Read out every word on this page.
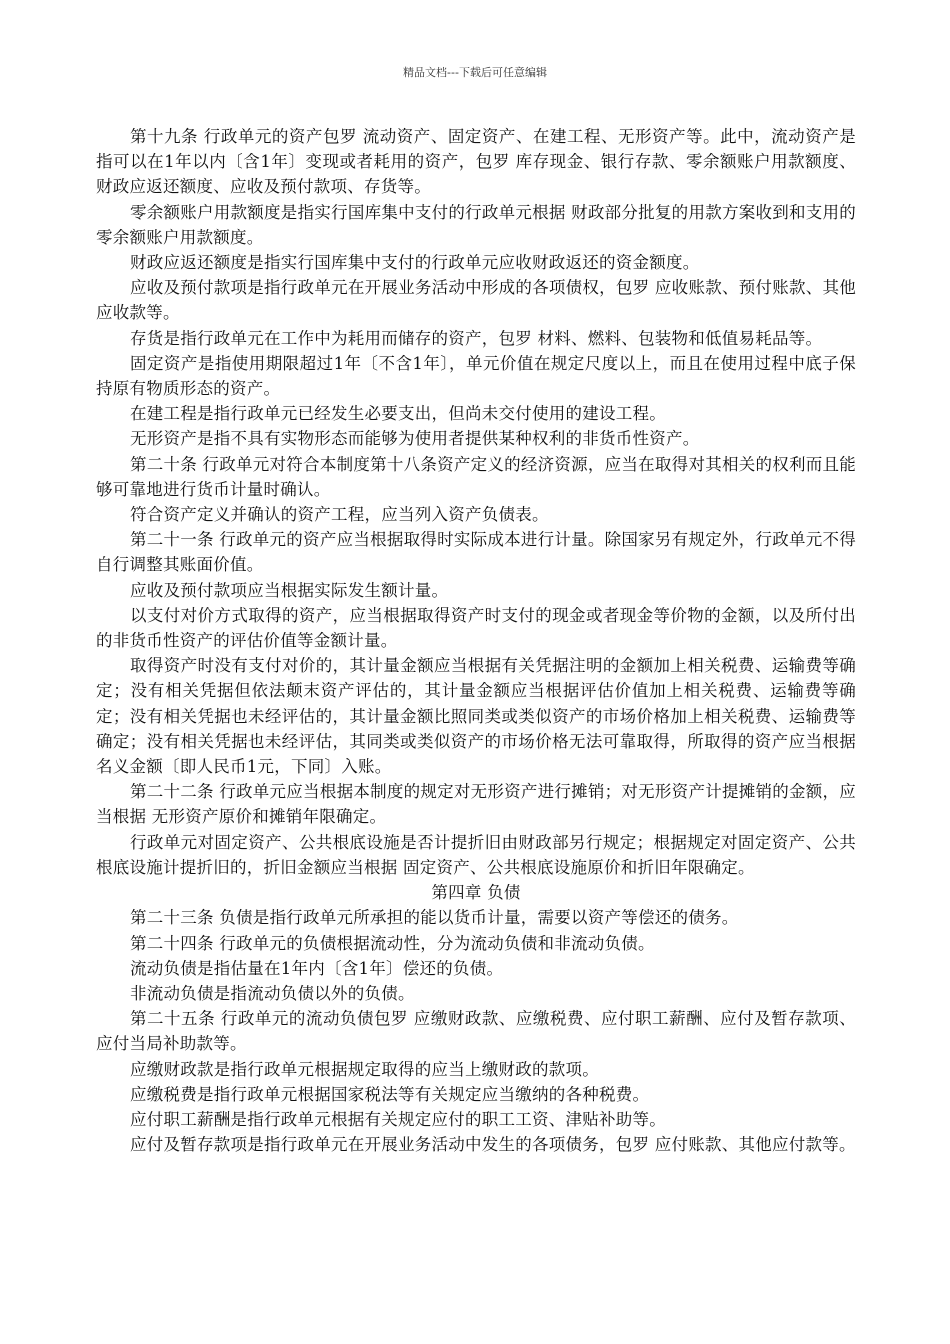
精品文档---下载后可任意编辑

第十九条 行政单元的资产包罗 流动资产、固定资产、在建工程、无形资产等。此中，流动资产是指可以在1年以内〔含1年〕变现或者耗用的资产，包罗 库存现金、银行存款、零余额账户用款额度、财政应返还额度、应收及预付款项、存货等。

零余额账户用款额度是指实行国库集中支付的行政单元根据 财政部分批复的用款方案收到和支用的零余额账户用款额度。

财政应返还额度是指实行国库集中支付的行政单元应收财政返还的资金额度。

应收及预付款项是指行政单元在开展业务活动中形成的各项债权，包罗 应收账款、预付账款、其他应收款等。

存货是指行政单元在工作中为耗用而储存的资产，包罗 材料、燃料、包装物和低值易耗品等。

固定资产是指使用期限超过1年〔不含1年〕，单元价值在规定尺度以上，而且在使用过程中底子保持原有物质形态的资产。

在建工程是指行政单元已经发生必要支出，但尚未交付使用的建设工程。

无形资产是指不具有实物形态而能够为使用者提供某种权利的非货币性资产。

第二十条 行政单元对符合本制度第十八条资产定义的经济资源，应当在取得对其相关的权利而且能够可靠地进行货币计量时确认。

符合资产定义并确认的资产工程，应当列入资产负债表。

第二十一条 行政单元的资产应当根据取得时实际成本进行计量。除国家另有规定外，行政单元不得自行调整其账面价值。

应收及预付款项应当根据实际发生额计量。

以支付对价方式取得的资产，应当根据取得资产时支付的现金或者现金等价物的金额，以及所付出的非货币性资产的评估价值等金额计量。

取得资产时没有支付对价的，其计量金额应当根据有关凭据注明的金额加上相关税费、运输费等确定；没有相关凭据但依法颠末资产评估的，其计量金额应当根据评估价值加上相关税费、运输费等确定；没有相关凭据也未经评估的，其计量金额比照同类或类似资产的市场价格加上相关税费、运输费等确定；没有相关凭据也未经评估，其同类或类似资产的市场价格无法可靠取得，所取得的资产应当根据名义金额〔即人民币1元，下同〕入账。

第二十二条 行政单元应当根据本制度的规定对无形资产进行摊销；对无形资产计提摊销的金额，应当根据 无形资产原价和摊销年限确定。

行政单元对固定资产、公共根底设施是否计提折旧由财政部另行规定；根据规定对固定资产、公共根底设施计提折旧的，折旧金额应当根据 固定资产、公共根底设施原价和折旧年限确定。

第四章 负债

第二十三条 负债是指行政单元所承担的能以货币计量，需要以资产等偿还的债务。

第二十四条 行政单元的负债根据流动性，分为流动负债和非流动负债。

流动负债是指估量在1年内〔含1年〕偿还的负债。

非流动负债是指流动负债以外的负债。

第二十五条 行政单元的流动负债包罗 应缴财政款、应缴税费、应付职工薪酬、应付及暂存款项、应付当局补助款等。

应缴财政款是指行政单元根据规定取得的应当上缴财政的款项。

应缴税费是指行政单元根据国家税法等有关规定应当缴纳的各种税费。

应付职工薪酬是指行政单元根据有关规定应付的职工工资、津贴补助等。

应付及暂存款项是指行政单元在开展业务活动中发生的各项债务，包罗 应付账款、其他应付款等。
